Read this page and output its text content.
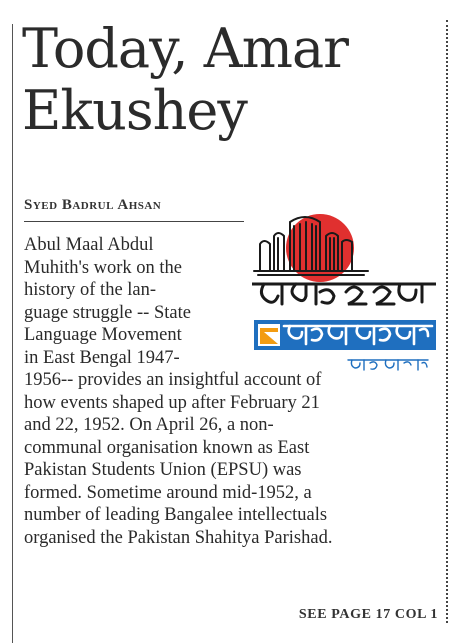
Today, Amar
Ekushey
Syed Badrul Ahsan

Abul Maal Abdul
Muhith's work on the
history of the lan-
guage struggle -- State
Language Movement
in East Bengal 1947-
1956-- provides an insightful account of
how events shaped up after February 21
and 22, 1952. On April 26, a non-
communal organisation known as East
Pakistan Students Union (EPSU) was
formed. Sometime around mid-1952, a
number of leading Bangalee intellectuals
organised the Pakistan Shahitya Parishad.

SEE PAGE 17 COL 1
